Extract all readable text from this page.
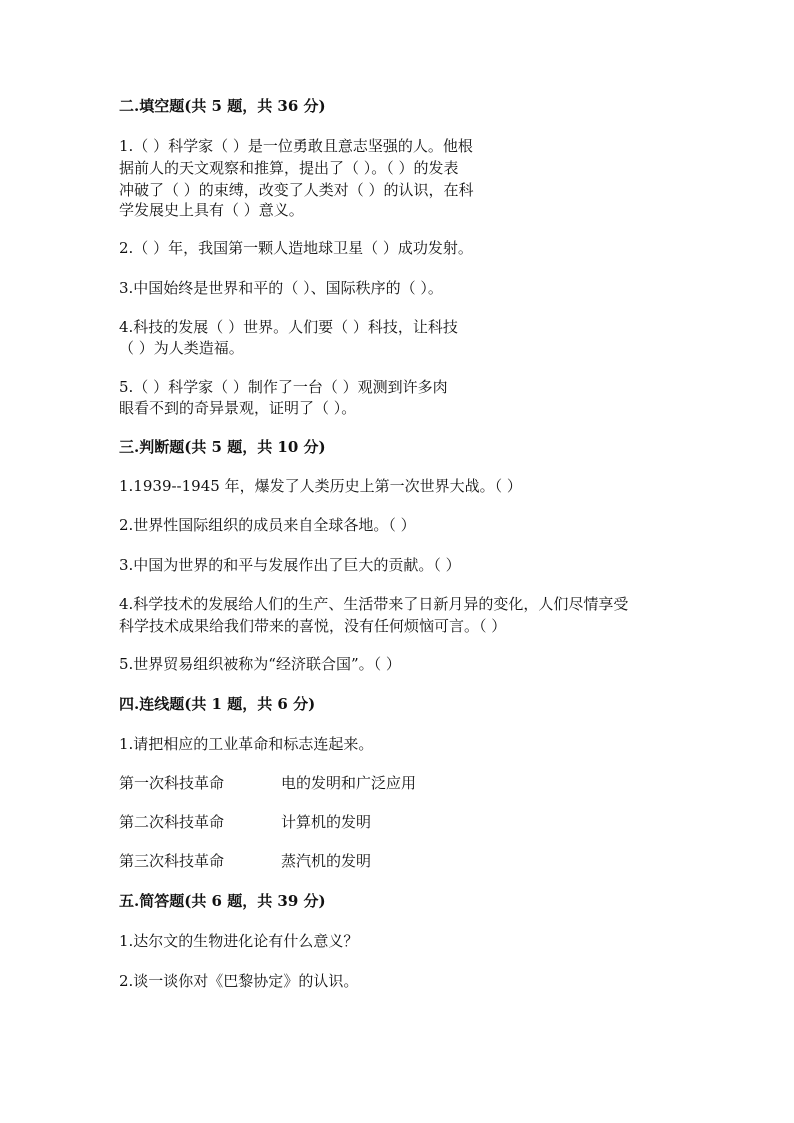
二.填空题(共 5 题，共 36 分)
1.（ ）科学家（ ）是一位勇敢且意志坚强的人。他根
据前人的天文观察和推算，提出了（ ）。（ ）的发表
冲破了（ ）的束缚，改变了人类对（ ）的认识，在科
学发展史上具有（ ）意义。
2.（ ）年，我国第一颗人造地球卫星（ ）成功发射。
3.中国始终是世界和平的（ ）、国际秩序的（ ）。
4.科技的发展（ ）世界。人们要（ ）科技，让科技
（ ）为人类造福。
5.（ ）科学家（ ）制作了一台（ ）观测到许多肉
眼看不到的奇异景观，证明了（ ）。
三.判断题(共 5 题，共 10 分)
1.1939--1945 年，爆发了人类历史上第一次世界大战。（ ）
2.世界性国际组织的成员来自全球各地。（ ）
3.中国为世界的和平与发展作出了巨大的贡献。（ ）
4.科学技术的发展给人们的生产、生活带来了日新月异的变化，人们尽情享受
科学技术成果给我们带来的喜悦，没有任何烦恼可言。（ ）
5.世界贸易组织被称为“经济联合国”。（ ）
四.连线题(共 1 题，共 6 分)
1.请把相应的工业革命和标志连起来。
第一次科技革命	电的发明和广泛应用
第二次科技革命	计算机的发明
第三次科技革命	蒸汽机的发明
五.简答题(共 6 题，共 39 分)
1.达尔文的生物进化论有什么意义？
2.谈一谈你对《巴黎协定》的认识。
